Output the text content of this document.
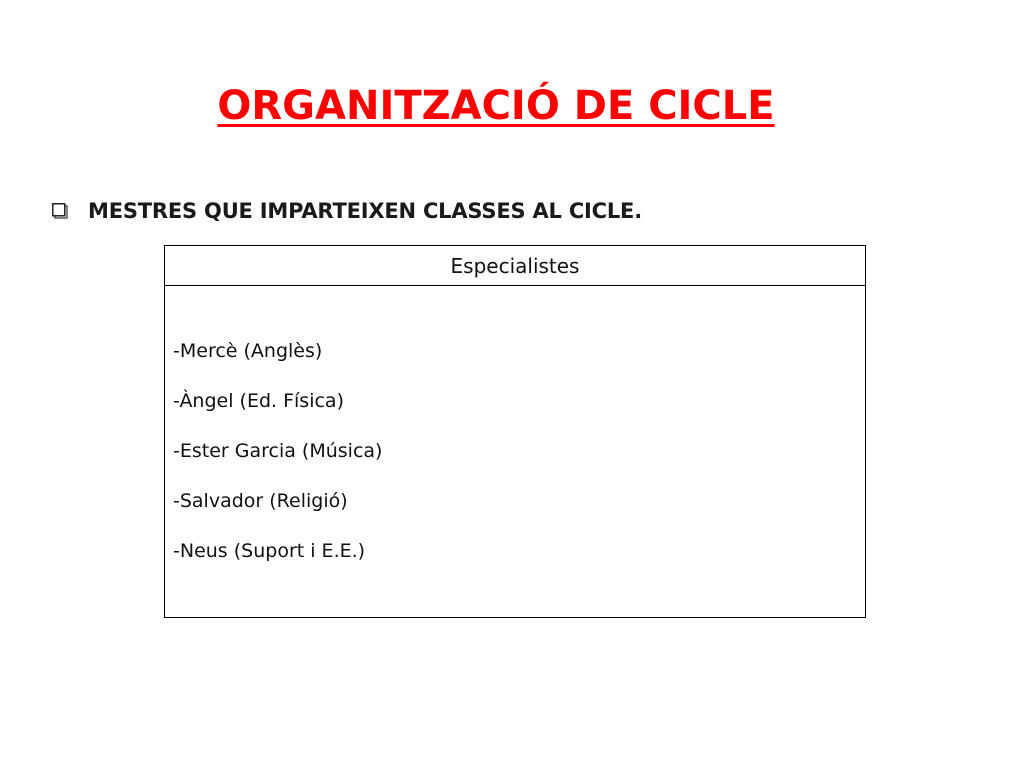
ORGANITZACIÓ DE CICLE
MESTRES QUE IMPARTEIXEN CLASSES AL CICLE.
Especialistes
-Mercè (Anglès)
-Àngel (Ed. Física)
-Ester Garcia (Música)
-Salvador (Religió)
-Neus (Suport i E.E.)
